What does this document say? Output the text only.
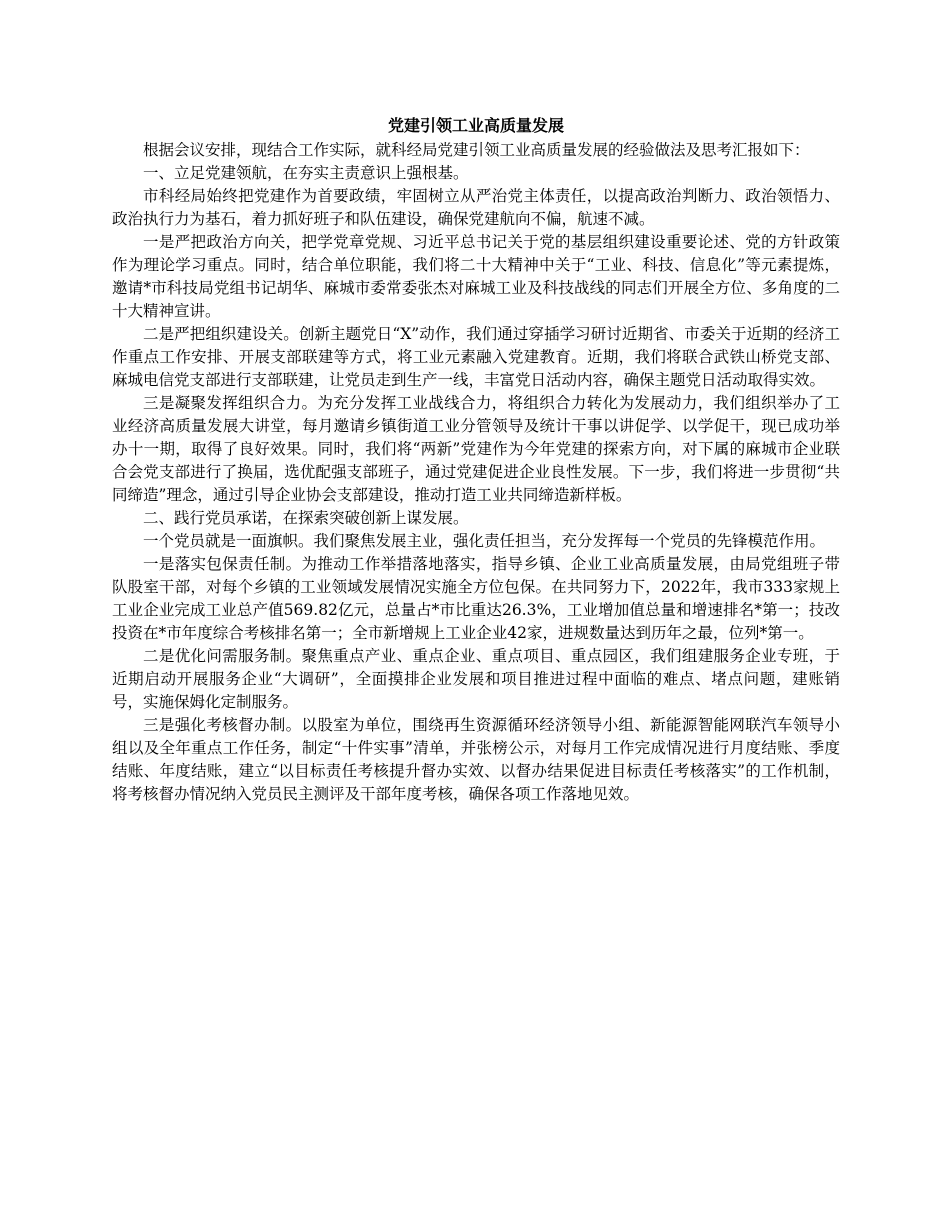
党建引领工业高质量发展

根据会议安排，现结合工作实际，就科经局党建引领工业高质量发展的经验做法及思考汇报如下：

一、立足党建领航，在夯实主责意识上强根基。

市科经局始终把党建作为首要政绩，牢固树立从严治党主体责任，以提高政治判断力、政治领悟力、政治执行力为基石，着力抓好班子和队伍建设，确保党建航向不偏，航速不减。

一是严把政治方向关，把学党章党规、习近平总书记关于党的基层组织建设重要论述、党的方针政策作为理论学习重点。同时，结合单位职能，我们将二十大精神中关于“工业、科技、信息化”等元素提炼，邀请*市科技局党组书记胡华、麻城市委常委张杰对麻城工业及科技战线的同志们开展全方位、多角度的二十大精神宣讲。

二是严把组织建设关。创新主题党日“X”动作，我们通过穿插学习研讨近期省、市委关于近期的经济工作重点工作安排、开展支部联建等方式，将工业元素融入党建教育。近期，我们将联合武铁山桥党支部、麻城电信党支部进行支部联建，让党员走到生产一线，丰富党日活动内容，确保主题党日活动取得实效。

三是凝聚发挥组织合力。为充分发挥工业战线合力，将组织合力转化为发展动力，我们组织举办了工业经济高质量发展大讲堂，每月邀请乡镇街道工业分管领导及统计干事以讲促学、以学促干，现已成功举办十一期，取得了良好效果。同时，我们将“两新”党建作为今年党建的探索方向，对下属的麻城市企业联合会党支部进行了换届，选优配强支部班子，通过党建促进企业良性发展。下一步，我们将进一步贯彻“共同缔造”理念，通过引导企业协会支部建设，推动打造工业共同缔造新样板。

二、践行党员承诺，在探索突破创新上谋发展。

一个党员就是一面旗帜。我们聚焦发展主业，强化责任担当，充分发挥每一个党员的先锋模范作用。

一是落实包保责任制。为推动工作举措落地落实，指导乡镇、企业工业高质量发展，由局党组班子带队股室干部，对每个乡镇的工业领域发展情况实施全方位包保。在共同努力下，2022年，我市333家规上工业企业完成工业总产值569.82亿元，总量占*市比重达26.3%，工业增加值总量和增速排名*第一；技改投资在*市年度综合考核排名第一；全市新增规上工业企业42家，进规数量达到历年之最，位列*第一。

二是优化问需服务制。聚焦重点产业、重点企业、重点项目、重点园区，我们组建服务企业专班，于近期启动开展服务企业“大调研”，全面摸排企业发展和项目推进过程中面临的难点、堵点问题，建账销号，实施保姆化定制服务。

三是强化考核督办制。以股室为单位，围绕再生资源循环经济领导小组、新能源智能网联汽车领导小组以及全年重点工作任务，制定“十件实事”清单，并张榜公示，对每月工作完成情况进行月度结账、季度结账、年度结账，建立“以目标责任考核提升督办实效、以督办结果促进目标责任考核落实”的工作机制，将考核督办情况纳入党员民主测评及干部年度考核，确保各项工作落地见效。
